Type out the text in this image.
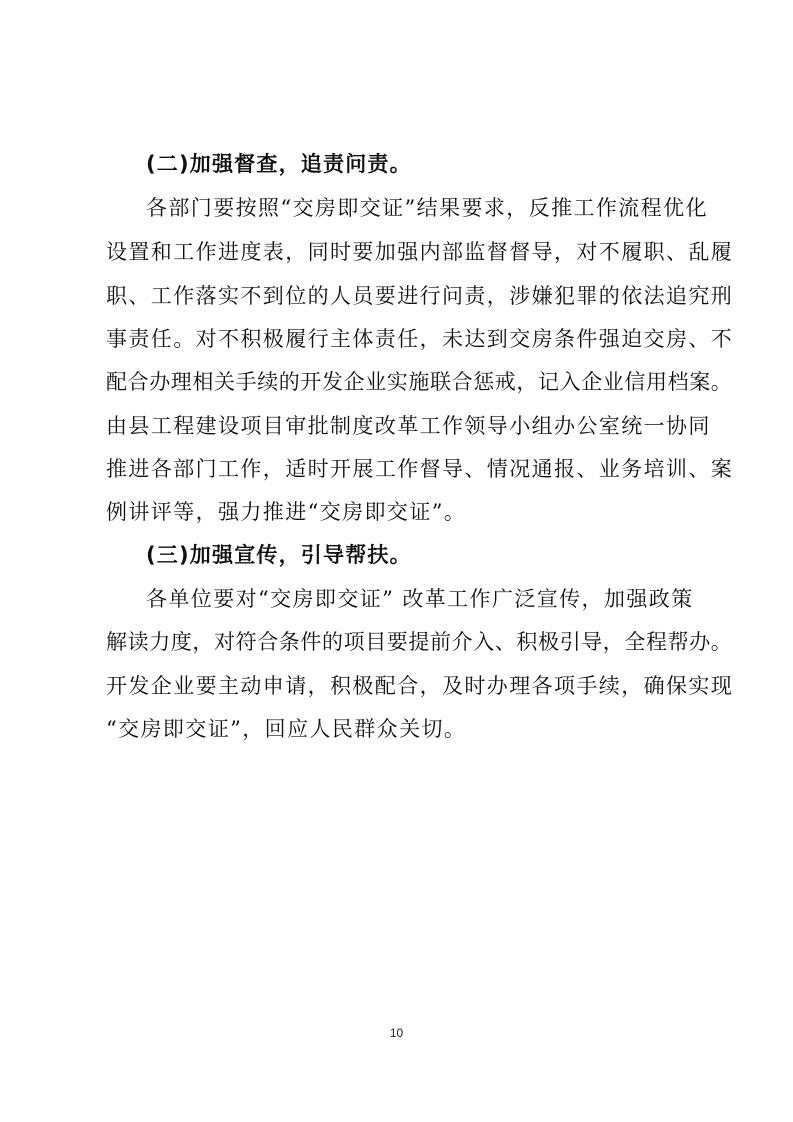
(二)加强督查，追责问责。
各部门要按照“交房即交证”结果要求，反推工作流程优化
设置和工作进度表，同时要加强内部监督督导，对不履职、乱履
职、工作落实不到位的人员要进行问责，涉嫌犯罪的依法追究刑
事责任。对不积极履行主体责任，未达到交房条件强迫交房、不
配合办理相关手续的开发企业实施联合惩戒，记入企业信用档案。
由县工程建设项目审批制度改革工作领导小组办公室统一协同
推进各部门工作，适时开展工作督导、情况通报、业务培训、案
例讲评等，强力推进“交房即交证”。
(三)加强宣传，引导帮扶。
各单位要对“交房即交证” 改革工作广泛宣传，加强政策
解读力度，对符合条件的项目要提前介入、积极引导，全程帮办。
开发企业要主动申请，积极配合，及时办理各项手续，确保实现
“交房即交证”，回应人民群众关切。
10
